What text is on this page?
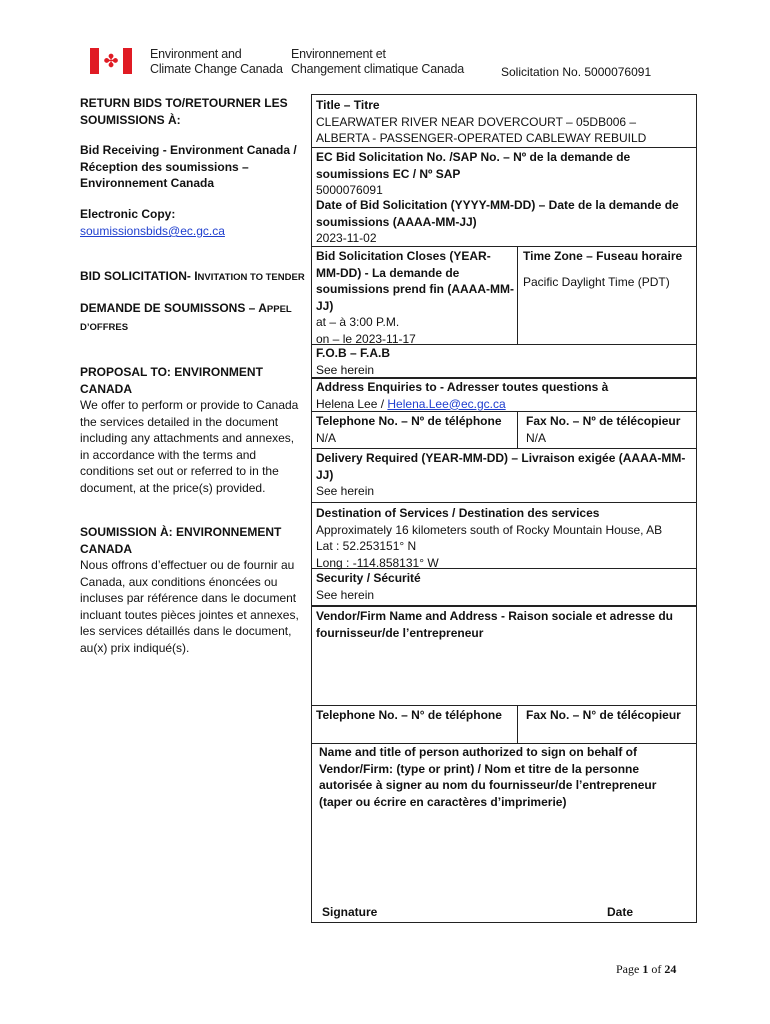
✤	Environment and
Climate Change Canada
Environnement et
Changement climatique Canada	Solicitation No. 5000076091
RETURN BIDS TO/RETOURNER LES SOUMISSIONS À:
Bid Receiving - Environment Canada / Réception des soumissions – Environnement Canada
Electronic Copy:
soumissionsbids@ec.gc.ca
BID SOLICITATION- INVITATION TO TENDER
DEMANDE DE SOUMISSONS – APPEL D’OFFRES
PROPOSAL TO: ENVIRONMENT CANADA
We offer to perform or provide to Canada the services detailed in the document including any attachments and annexes, in accordance with the terms and conditions set out or referred to in the document, at the price(s) provided.
SOUMISSION À: ENVIRONNEMENT CANADA
Nous offrons d’effectuer ou de fournir au Canada, aux conditions énoncées ou incluses par référence dans le document incluant toutes pièces jointes et annexes, les services détaillés dans le document, au(x) prix indiqué(s).
Title – Titre
CLEARWATER RIVER NEAR DOVERCOURT – 05DB006 –
ALBERTA - PASSENGER-OPERATED CABLEWAY REBUILD
EC Bid Solicitation No. /SAP No. – Nº de la demande de soumissions EC / Nº SAP
5000076091
Date of Bid Solicitation (YYYY-MM-DD) – Date de la demande de soumissions (AAAA-MM-JJ)
2023-11-02
Bid Solicitation Closes (YEAR-MM-DD) - La demande de soumissions prend fin (AAAA-MM-JJ)
at – à 3:00 P.M.
on – le 2023-11-17
Time Zone – Fuseau horaire
Pacific Daylight Time (PDT)
F.O.B – F.A.B
See herein
Address Enquiries to - Adresser toutes questions à
Helena Lee / Helena.Lee@ec.gc.ca
Telephone No. – Nº de téléphone
N/A
Fax No. – Nº de télécopieur
N/A
Delivery Required (YEAR-MM-DD) – Livraison exigée (AAAA-MM-JJ)
See herein
Destination of Services / Destination des services
Approximately 16 kilometers south of Rocky Mountain House, AB
Lat : 52.253151° N
Long : -114.858131° W
Security / Sécurité
See herein
Vendor/Firm Name and Address - Raison sociale et adresse du fournisseur/de l’entrepreneur
Telephone No. – N° de téléphone	Fax No. – N° de télécopieur
Name and title of person authorized to sign on behalf of Vendor/Firm: (type or print) / Nom et titre de la personne autorisée à signer au nom du fournisseur/de l’entrepreneur (taper ou écrire en caractères d’imprimerie)
Signature	Date
Page 1 of 24
